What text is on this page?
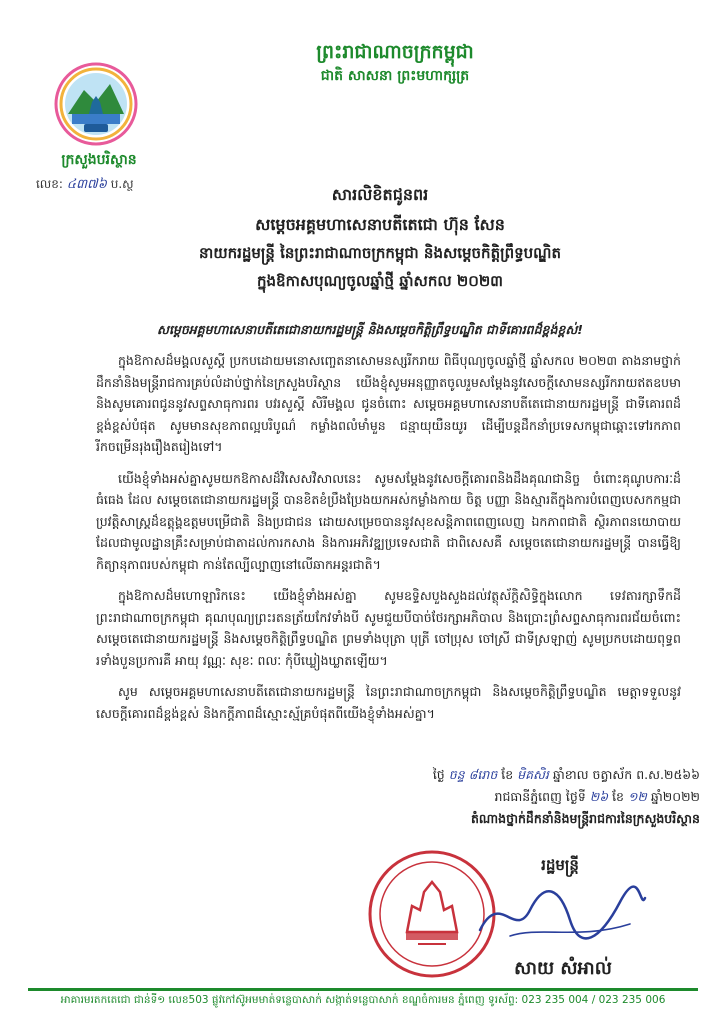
ព្រះរាជាណាចក្រកម្ពុជា
ជាតិ សាសនា ព្រះមហាក្សត្រ
ក្រសួងបរិស្ថាន
លេខ: ៤៣៧៦ ប.ស្ថ
សារលិខិតជូនពរ
សម្តេចអគ្គមហាសេនាបតីតេជោ ហ៊ុន សែន
នាយករដ្ឋមន្ត្រី នៃព្រះរាជាណាចក្រកម្ពុជា និងសម្តេចកិត្តិព្រឹទ្ធបណ្ឌិត
ក្នុងឱកាសបុណ្យចូលឆ្នាំថ្មី ឆ្នាំសកល ២០២៣
សម្តេចអគ្គមហាសេនាបតីតេជោនាយករដ្ឋមន្ត្រី និងសម្តេចកិត្តិព្រឹទ្ធបណ្ឌិត ជាទីគោរពដ៏ខ្ពង់ខ្ពស់!

ក្នុងឱកាសដ៏មង្គលសួស្តី ប្រកបដោយមនោសញ្ចេតនាសោមនស្សរីករាយ ពិធីបុណ្យចូលឆ្នាំថ្មី ឆ្នាំសកល ២០២៣ តាងនាមថ្នាក់ដឹកនាំនិងមន្ត្រីរាជការគ្រប់លំដាប់ថ្នាក់នៃក្រសួងបរិស្ថាន យើងខ្ញុំសូមអនុញ្ញាតចូលរួមសម្តែងនូវសេចក្តីសោមនស្សរីករាយឥតឧបមា និងសូមគោរពជូននូវសព្ទសាធុការពរ បវរសួស្តី សិរីមង្គល ជូនចំពោះ សម្តេចអគ្គមហាសេនាបតីតេជោនាយករដ្ឋមន្ត្រី ជាទីគោរពដ៏ខ្ពង់ខ្ពស់បំផុត សូមមានសុខភាពល្អបរិបូណ៌ កម្លាំងពលំមាំមួន ជន្មាយុយឺនយូរ ដើម្បីបន្តដឹកនាំប្រទេសកម្ពុជាឆ្ពោះទៅរកភាពរីកចម្រើនរុងរឿងតរៀងទៅ។

យើងខ្ញុំទាំងអស់គ្នាសូមយកឱកាសដ៏វិសេសវិសាលនេះ សូមសម្តែងនូវសេចក្តីគោរពនិងដឹងគុណជានិច្ច ចំពោះគុណូបការៈដ៏ធំធេង ដែល សម្តេចតេជោនាយករដ្ឋមន្ត្រី បានខិតខំប្រឹងប្រែងយកអស់កម្លាំងកាយ ចិត្ត បញ្ញា និងស្មារតីក្នុងការបំពេញបេសកកម្មជាប្រវត្តិសាស្ត្រដ៏ឧត្តុង្គឧត្តមបម្រើជាតិ និងប្រជាជន ដោយសម្រេចបាននូវសុខសន្តិភាពពេញលេញ ឯកភាពជាតិ ស្ថិរភាពនយោបាយ ដែលជាមូលដ្ឋានគ្រឹះសម្រាប់ជាតាដល់ការកសាង និងការអភិវឌ្ឍប្រទេសជាតិ ជាពិសេសគឺ សម្តេចតេជោនាយករដ្ឋមន្ត្រី បានធ្វើឱ្យកិត្យានុភាពរបស់កម្ពុជា កាន់តែល្បីល្បាញនៅលើឆាកអន្តរជាតិ។

ក្នុងឱកាសដ៏មហោឡារិកនេះ យើងខ្ញុំទាំងអស់គ្នា សូមឧទ្ទិសបួងសួងដល់វត្ថុស័ក្តិសិទ្ធិក្នុងលោក ទេវតារក្សាទឹកដីព្រះរាជាណាចក្រកម្ពុជា គុណបុណ្យព្រះរតនត្រ័យកែវទាំងបី សូមជួយបីបាច់ថែរក្សាអភិបាល និងប្រោះព្រំសព្ទសាធុការពរជ័យចំពោះ សម្តេចតេជោនាយករដ្ឋមន្ត្រី និងសម្តេចកិត្តិព្រឹទ្ធបណ្ឌិត ព្រមទាំងបុត្រា បុត្រី ចៅប្រុស ចៅស្រី ជាទីស្រឡាញ់ សូមប្រកបដោយពុទ្ធពរទាំងបួនប្រការគឺ អាយុ វណ្ណៈ សុខៈ ពលៈ កុំបីឃ្លៀងឃ្លាតឡើយ។

សូម សម្តេចអគ្គមហាសេនាបតីតេជោនាយករដ្ឋមន្ត្រី នៃព្រះរាជាណាចក្រកម្ពុជា និងសម្តេចកិត្តិព្រឹទ្ធបណ្ឌិត មេត្តាទទួលនូវសេចក្តីគោរពដ៏ខ្ពង់ខ្ពស់ និងកក្តីភាពដ៏ស្មោះស្ម័គ្របំផុតពីយើងខ្ញុំទាំងអស់គ្នា។

ថ្ងៃ ចន្ទ ៨រោច ខែ មិគសិរ ឆ្នាំខាល ចត្វាស័ក ព.ស.២៥៦៦
រាជធានីភ្នំពេញ ថ្ងៃទី ២៦ ខែ ១២ ឆ្នាំ២០២២
តំណាងថ្នាក់ដឹកនាំនិងមន្ត្រីរាជការនៃក្រសួងបរិស្ថាន
រដ្ឋមន្ត្រី
សាយ សំអាល់
អាគារមរតកតេជោ ជាន់ទី១ លេខ503 ផ្លូវកៅស៊ូអមមាត់ទន្លេបាសាក់ សង្កាត់ទន្លេបាសាក់ ខណ្ឌចំការមន ភ្នំពេញ ទូរស័ព្ទ: 023 235 004 / 023 235 006
